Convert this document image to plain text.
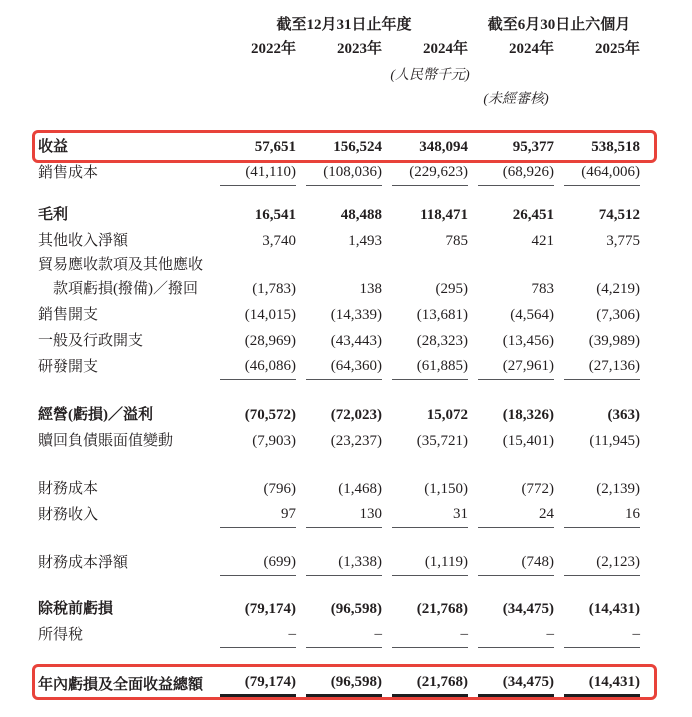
截至12月31日止年度	截至6月30日止六個月
2022年	2023年	2024年	2024年	2025年
(人民幣千元)
(未經審核)
收益	57,651	156,524	348,094	95,377	538,518
銷售成本	(41,110)	(108,036)	(229,623)	(68,926)	(464,006)
毛利	16,541	48,488	118,471	26,451	74,512
其他收入淨額	3,740	1,493	785	421	3,775
貿易應收款項及其他應收
款項虧損(撥備)／撥回	(1,783)	138	(295)	783	(4,219)
銷售開支	(14,015)	(14,339)	(13,681)	(4,564)	(7,306)
一般及行政開支	(28,969)	(43,443)	(28,323)	(13,456)	(39,989)
研發開支	(46,086)	(64,360)	(61,885)	(27,961)	(27,136)
經營(虧損)／溢利	(70,572)	(72,023)	15,072	(18,326)	(363)
贖回負債賬面值變動	(7,903)	(23,237)	(35,721)	(15,401)	(11,945)
財務成本	(796)	(1,468)	(1,150)	(772)	(2,139)
財務收入	97	130	31	24	16
財務成本淨額	(699)	(1,338)	(1,119)	(748)	(2,123)
除稅前虧損	(79,174)	(96,598)	(21,768)	(34,475)	(14,431)
所得稅	–	–	–	–	–
年內虧損及全面收益總額	(79,174)	(96,598)	(21,768)	(34,475)	(14,431)
